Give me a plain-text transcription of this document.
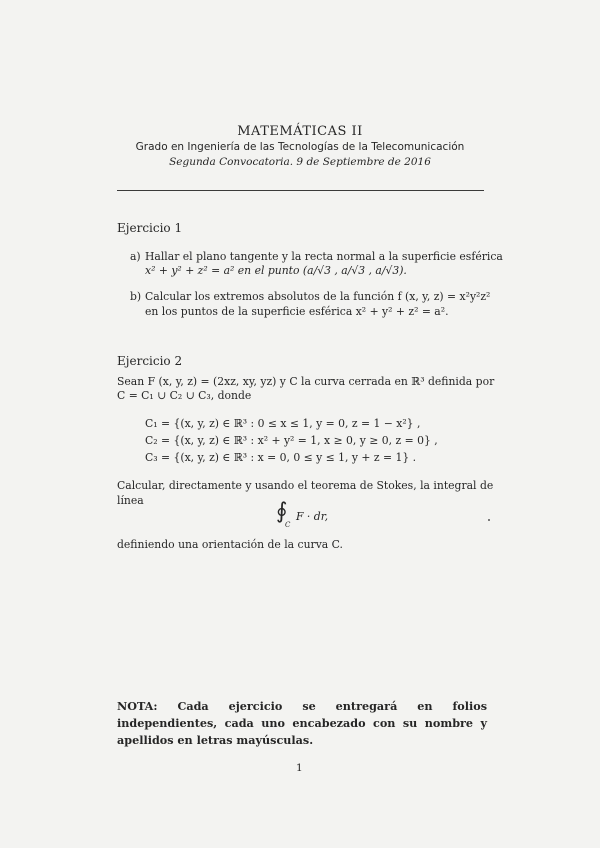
MATEMÁTICAS II
Grado en Ingeniería de las Tecnologías de la Telecomunicación
Segunda Convocatoria. 9 de Septiembre de 2016
Ejercicio 1
a) Hallar el plano tangente y la recta normal a la superficie esférica
x² + y² + z² = a² en el punto (a/√3 , a/√3 , a/√3).
b) Calcular los extremos absolutos de la función f (x, y, z) = x²y²z²
en los puntos de la superficie esférica x² + y² + z² = a².
Ejercicio 2
Sean F (x, y, z) = (2xz, xy, yz) y C la curva cerrada en ℝ³ definida por
C = C₁ ∪ C₂ ∪ C₃, donde
C₁ = {(x, y, z) ∈ ℝ³ : 0 ≤ x ≤ 1, y = 0, z = 1 − x²} ,
C₂ = {(x, y, z) ∈ ℝ³ : x² + y² = 1, x ≥ 0, y ≥ 0, z = 0} ,
C₃ = {(x, y, z) ∈ ℝ³ : x = 0, 0 ≤ y ≤ 1, y + z = 1} .
Calcular, directamente y usando el teorema de Stokes, la integral de
línea	∮
C
F · dr,
definiendo una orientación de la curva C.
NOTA: Cada ejercicio se entregará en folios independientes, cada uno encabezado con su nombre y apellidos en letras mayúsculas.
1
